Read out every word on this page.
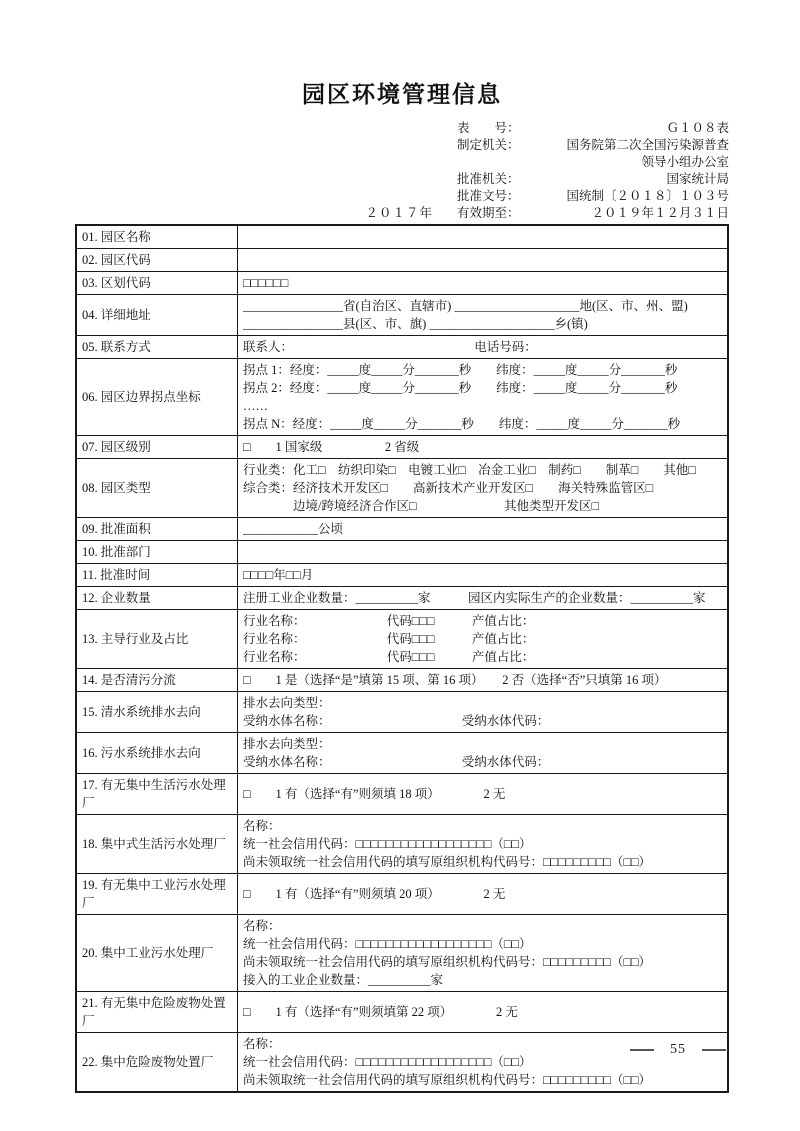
园区环境管理信息
表　　号：	Ｇ１０８表
制定机关：	国务院第二次全国污染源普查
领导小组办公室
批准机关：	国家统计局
批准文号：	国统制〔２０１８〕１０３号
２０１７年 有效期至：	２０１９年１２月３１日
01. 园区名称	

02. 园区代码	

03. 区划代码	□□□□□□

04. 详细地址	________________省(自治区、直辖市) ____________________地(区、市、州、盟)
________________县(区、市、旗) ____________________乡(镇)

05. 联系方式	联系人：　　　　　　　　　　　　　　　电话号码：

06. 园区边界拐点坐标	拐点 1：经度：_____度_____分_______秒　　纬度：_____度_____分_______秒
拐点 2：经度：_____度_____分_______秒　　纬度：_____度_____分_______秒
……
拐点 N：经度：_____度_____分_______秒　　纬度：_____度_____分_______秒

07. 园区级别	□　　1 国家级　　　　　2 省级

08. 园区类型	行业类：化工□　纺织印染□　电镀工业□　冶金工业□　制药□　　制革□　　其他□
综合类：经济技术开发区□　　高新技术产业开发区□　　海关特殊监管区□
　　　　边境/跨境经济合作区□　　　　　　　其他类型开发区□

09. 批准面积	____________公顷

10. 批准部门	

11. 批准时间	□□□□年□□月

12. 企业数量	注册工业企业数量：__________家　　　园区内实际生产的企业数量：__________家

13. 主导行业及占比	行业名称：　　　　　　　代码□□□　　　产值占比：
行业名称：　　　　　　　代码□□□　　　产值占比：
行业名称：　　　　　　　代码□□□　　　产值占比：

14. 是否清污分流	□　　1 是（选择“是”填第 15 项、第 16 项）　　2 否（选择“否”只填第 16 项）

15. 清水系统排水去向	排水去向类型：
受纳水体名称：　　　　　　　　　　　受纳水体代码：

16. 污水系统排水去向	排水去向类型：
受纳水体名称：　　　　　　　　　　　受纳水体代码：

17. 有无集中生活污水处理厂	□　　1 有（选择“有”则须填 18 项）　　　　2 无

18. 集中式生活污水处理厂	名称：
统一社会信用代码：□□□□□□□□□□□□□□□□□□（□□）
尚未领取统一社会信用代码的填写原组织机构代码号：□□□□□□□□□（□□）

19. 有无集中工业污水处理厂	□　　1 有（选择“有”则须填 20 项）　　　　2 无

20. 集中工业污水处理厂	名称：
统一社会信用代码：□□□□□□□□□□□□□□□□□□（□□）
尚未领取统一社会信用代码的填写原组织机构代码号：□□□□□□□□□（□□）
接入的工业企业数量：__________家

21. 有无集中危险废物处置厂	□　　1 有（选择“有”则须填第 22 项）　　　　2 无

22. 集中危险废物处置厂	名称：
统一社会信用代码：□□□□□□□□□□□□□□□□□□（□□）
尚未领取统一社会信用代码的填写原组织机构代码号：□□□□□□□□□（□□）
55
